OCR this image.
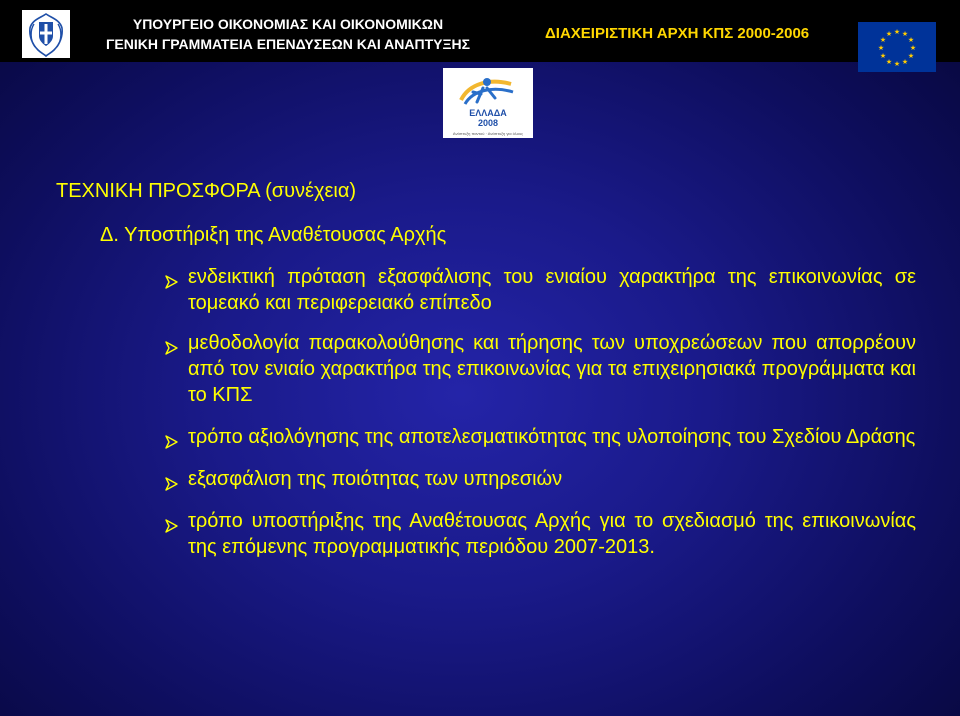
ΥΠΟΥΡΓΕΙΟ ΟΙΚΟΝΟΜΙΑΣ ΚΑΙ ΟΙΚΟΝΟΜΙΚΩΝ
ΓΕΝΙΚΗ ΓΡΑΜΜΑΤΕΙΑ ΕΠΕΝΔΥΣΕΩΝ ΚΑΙ ΑΝΑΠΤΥΞΗΣ
ΔΙΑΧΕΙΡΙΣΤΙΚΗ ΑΡΧΗ ΚΠΣ 2000-2006	★ ★
★
★
★
★
★
★
★
★
★
★
ΕΛΛΑΔΑ
2008
Ανάπτυξη παντού · Ανάπτυξη για όλους
ΤΕΧΝΙΚΗ ΠΡΟΣΦΟΡΑ (συνέχεια)
Δ. Υποστήριξη της Αναθέτουσας Αρχής
ενδεικτική πρόταση εξασφάλισης του ενιαίου χαρακτήρα της επικοινωνίας σε τομεακό και περιφερειακό επίπεδο
μεθοδολογία παρακολούθησης και τήρησης των υποχρεώσεων που απορρέουν από τον ενιαίο χαρακτήρα της επικοινωνίας για τα επιχειρησιακά προγράμματα και το ΚΠΣ
τρόπο αξιολόγησης της αποτελεσματικότητας της υλοποίησης του Σχεδίου Δράσης
εξασφάλιση της ποιότητας των υπηρεσιών
τρόπο υποστήριξης της Αναθέτουσας Αρχής για το σχεδιασμό της επικοινωνίας της επόμενης προγραμματικής περιόδου 2007-2013.
